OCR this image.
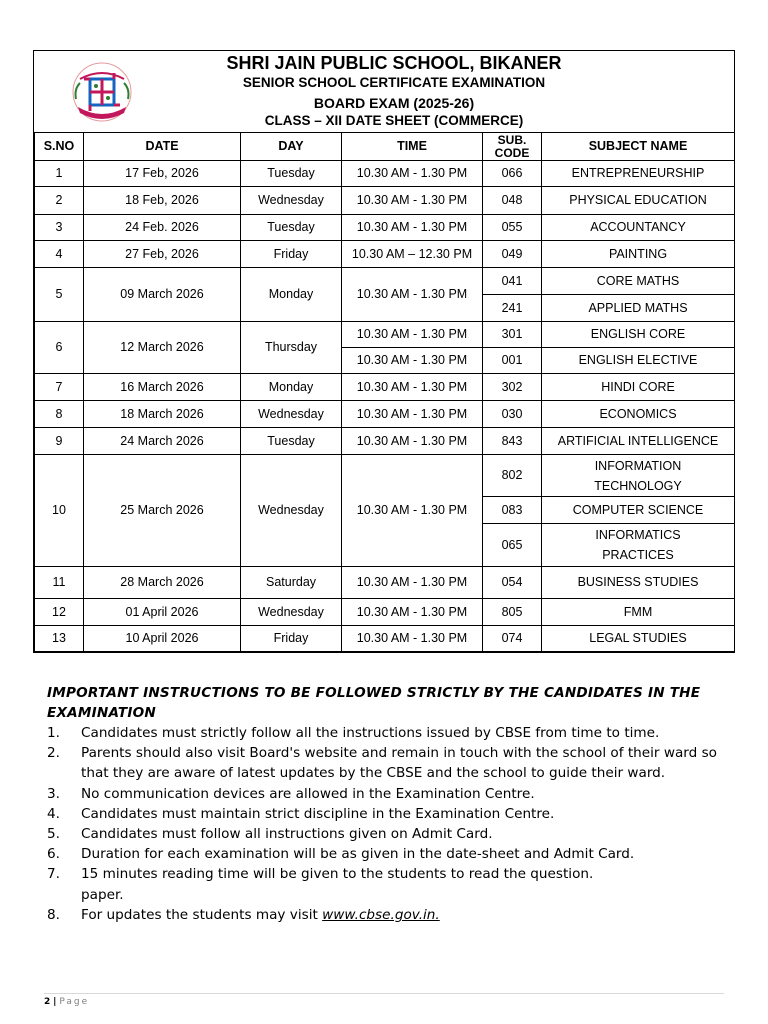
SHRI JAIN PUBLIC SCHOOL, BIKANER
SENIOR SCHOOL CERTIFICATE EXAMINATION
BOARD EXAM (2025-26)
CLASS – XII DATE SHEET (COMMERCE)
S.NO	DATE	DAY	TIME	SUB.
CODE	SUBJECT NAME
1	17 Feb, 2026	Tuesday	10.30 AM - 1.30 PM	066	ENTREPRENEURSHIP
2	18 Feb, 2026	Wednesday	10.30 AM - 1.30 PM	048	PHYSICAL EDUCATION
3	24 Feb. 2026	Tuesday	10.30 AM - 1.30 PM	055	ACCOUNTANCY
4	27 Feb, 2026	Friday	10.30 AM – 12.30 PM	049	PAINTING
5	09 March 2026	Monday	10.30 AM - 1.30 PM	041	CORE MATHS
				241	APPLIED MATHS
6	12 March 2026	Thursday	10.30 AM - 1.30 PM	301	ENGLISH CORE
			10.30 AM - 1.30 PM	001	ENGLISH ELECTIVE
7	16 March 2026	Monday	10.30 AM - 1.30 PM	302	HINDI CORE
8	18 March 2026	Wednesday	10.30 AM - 1.30 PM	030	ECONOMICS
9	24 March 2026	Tuesday	10.30 AM - 1.30 PM	843	ARTIFICIAL INTELLIGENCE
10	25 March 2026	Wednesday	10.30 AM - 1.30 PM	802	INFORMATION TECHNOLOGY
				083	COMPUTER SCIENCE
				065	INFORMATICS PRACTICES
11	28 March 2026	Saturday	10.30 AM - 1.30 PM	054	BUSINESS STUDIES
12	01 April 2026	Wednesday	10.30 AM - 1.30 PM	805	FMM
13	10 April 2026	Friday	10.30 AM - 1.30 PM	074	LEGAL STUDIES
IMPORTANT INSTRUCTIONS TO BE FOLLOWED STRICTLY BY THE CANDIDATES IN THE EXAMINATION
1. Candidates must strictly follow all the instructions issued by CBSE from time to time.
2. Parents should also visit Board's website and remain in touch with the school of their ward so that they are aware of latest updates by the CBSE and the school to guide their ward.
3. No communication devices are allowed in the Examination Centre.
4. Candidates must maintain strict discipline in the Examination Centre.
5. Candidates must follow all instructions given on Admit Card.
6. Duration for each examination will be as given in the date-sheet and Admit Card.
7. 15 minutes reading time will be given to the students to read the question.
paper.
8. For updates the students may visit www.cbse.gov.in.
2 | Page
